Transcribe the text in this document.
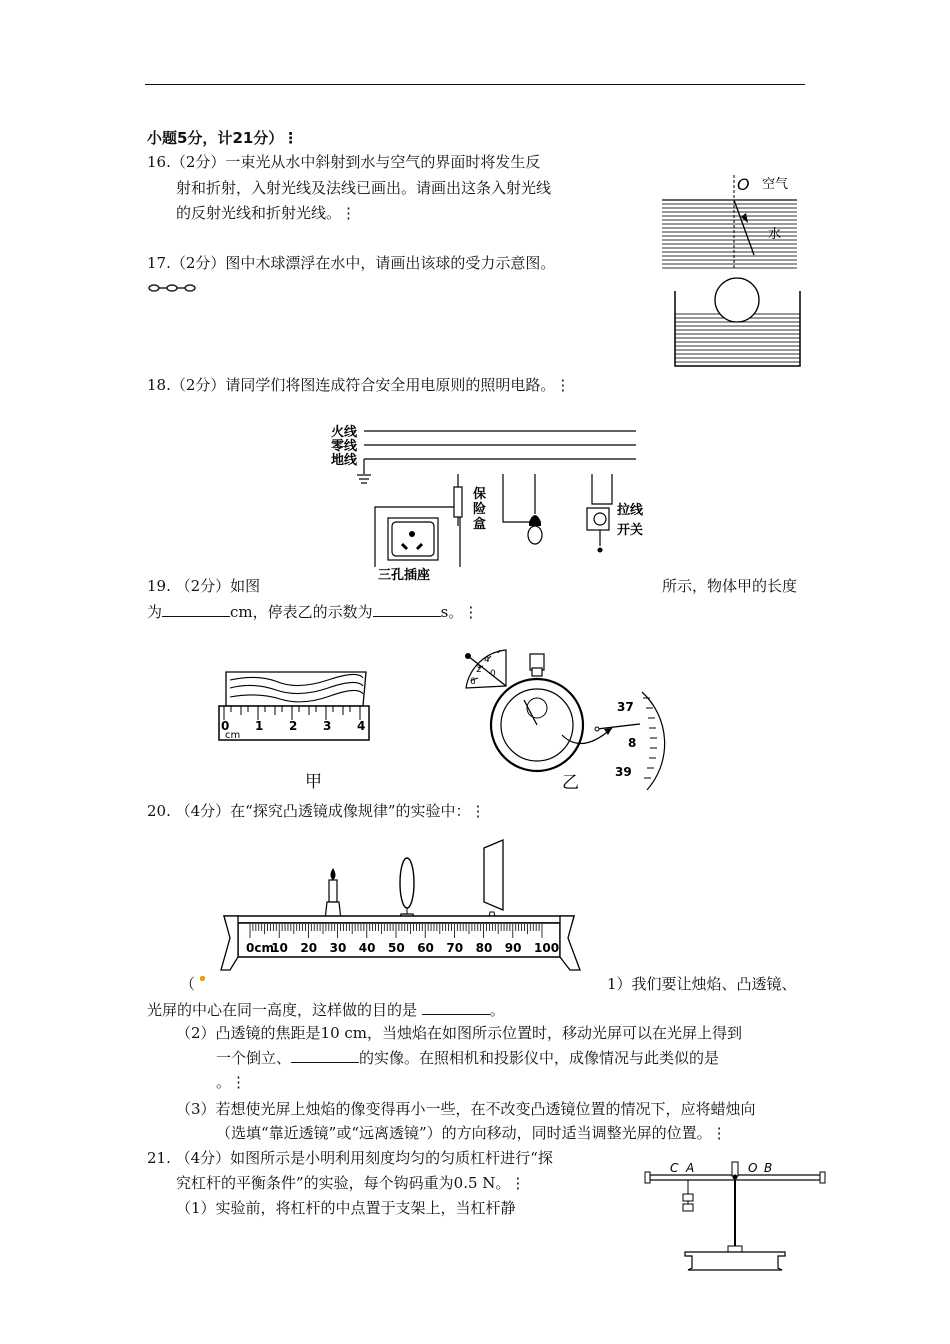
小题5分，计21分）⋮
16.（2分）一束光从水中斜射到水与空气的界面时将发生反
射和折射，入射光线及法线已画出。请画出这条入射光线
的反射光线和折射光线。⋮
O 空气
水
17.（2分）图中木球漂浮在水中，请画出该球的受力示意图。
18.（2分）请同学们将图连成符合安全用电原则的照明电路。⋮
火线
零线
地线
保
险
盒
三孔插座
拉线
开关
19. （2分）如图	所示，物体甲的长度
为	cm，停表乙的示数为	s。⋮
0 1 2 3 4
cm
甲
4
2
6
0
37
8
39
乙
20. （4分）在“探究凸透镜成像规律”的实验中：⋮
0cm
10 20 30 40 50 60 70 80 90 100
（	1）我们要让烛焰、凸透镜、
光屏的中心在同一高度，这样做的目的是	。
（2）凸透镜的焦距是10 cm，当烛焰在如图所示位置时，移动光屏可以在光屏上得到
一个倒立、	的实像。在照相机和投影仪中，成像情况与此类似的是
。⋮
（3）若想使光屏上烛焰的像变得再小一些，在不改变凸透镜位置的情况下，应将蜡烛向
（选填“靠近透镜”或“远离透镜”）的方向移动，同时适当调整光屏的位置。⋮
21. （4分）如图所示是小明利用刻度均匀的匀质杠杆进行“探
究杠杆的平衡条件”的实验，每个钩码重为0.5 N。⋮
（1）实验前，将杠杆的中点置于支架上，当杠杆静
C A	O B
